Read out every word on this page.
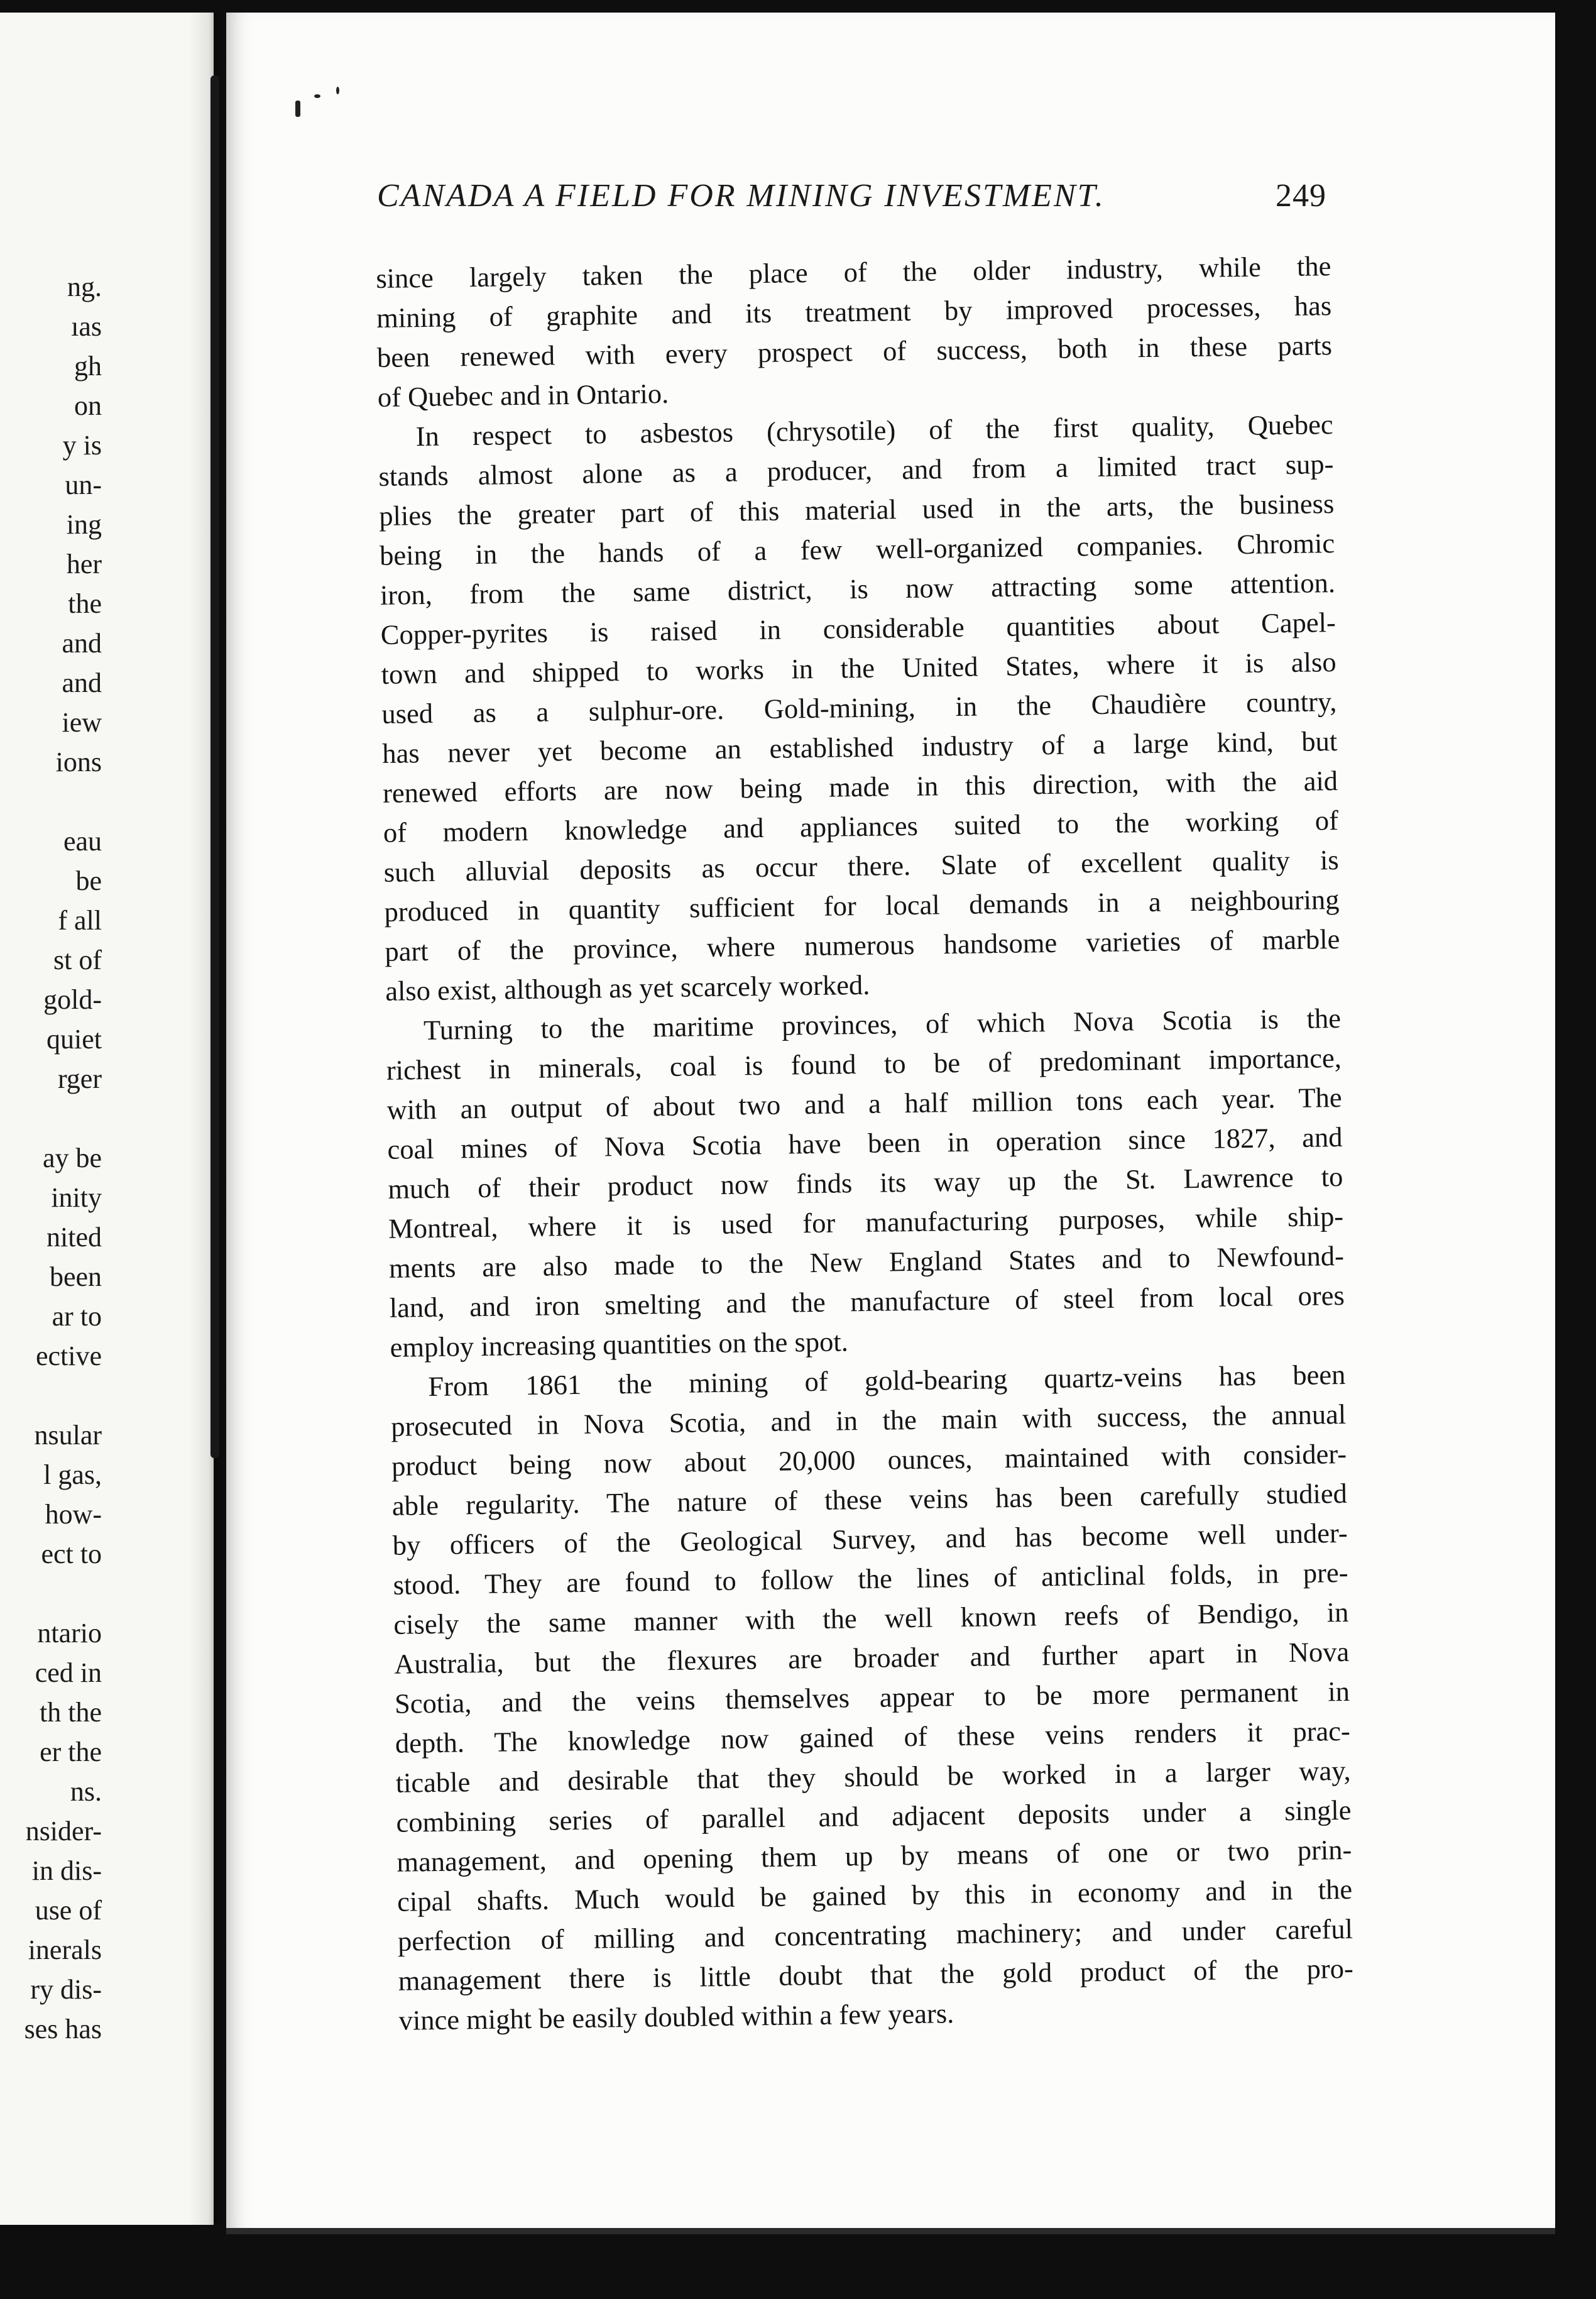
ng.
ıas
gh
on
y is
un-
ing
her
the
and
and
iew
ions
eau
be
f all
st of
gold-
quiet
rger
ay be
inity
nited
been
ar to
ective
nsular
l gas,
how-
ect to
ntario
ced in
th the
er the
ns.
nsider-
in dis-
use of
inerals
ry dis-
ses has
CANADA A FIELD FOR MINING INVESTMENT.	249
since largely taken the place of the older industry, while the
mining of graphite and its treatment by improved processes, has
been renewed with every prospect of success, both in these parts
of Quebec and in Ontario.
In respect to asbestos (chrysotile) of the first quality, Quebec
stands almost alone as a producer, and from a limited tract sup-
plies the greater part of this material used in the arts, the business
being in the hands of a few well-organized companies. Chromic
iron, from the same district, is now attracting some attention.
Copper-pyrites is raised in considerable quantities about Capel-
town and shipped to works in the United States, where it is also
used as a sulphur-ore. Gold-mining, in the Chaudière country,
has never yet become an established industry of a large kind, but
renewed efforts are now being made in this direction, with the aid
of modern knowledge and appliances suited to the working of
such alluvial deposits as occur there. Slate of excellent quality is
produced in quantity sufficient for local demands in a neighbouring
part of the province, where numerous handsome varieties of marble
also exist, although as yet scarcely worked.
Turning to the maritime provinces, of which Nova Scotia is the
richest in minerals, coal is found to be of predominant importance,
with an output of about two and a half million tons each year. The
coal mines of Nova Scotia have been in operation since 1827, and
much of their product now finds its way up the St. Lawrence to
Montreal, where it is used for manufacturing purposes, while ship-
ments are also made to the New England States and to Newfound-
land, and iron smelting and the manufacture of steel from local ores
employ increasing quantities on the spot.
From 1861 the mining of gold-bearing quartz-veins has been
prosecuted in Nova Scotia, and in the main with success, the annual
product being now about 20,000 ounces, maintained with consider-
able regularity. The nature of these veins has been carefully studied
by officers of the Geological Survey, and has become well under-
stood. They are found to follow the lines of anticlinal folds, in pre-
cisely the same manner with the well known reefs of Bendigo, in
Australia, but the flexures are broader and further apart in Nova
Scotia, and the veins themselves appear to be more permanent in
depth. The knowledge now gained of these veins renders it prac-
ticable and desirable that they should be worked in a larger way,
combining series of parallel and adjacent deposits under a single
management, and opening them up by means of one or two prin-
cipal shafts. Much would be gained by this in economy and in the
perfection of milling and concentrating machinery; and under careful
management there is little doubt that the gold product of the pro-
vince might be easily doubled within a few years.
